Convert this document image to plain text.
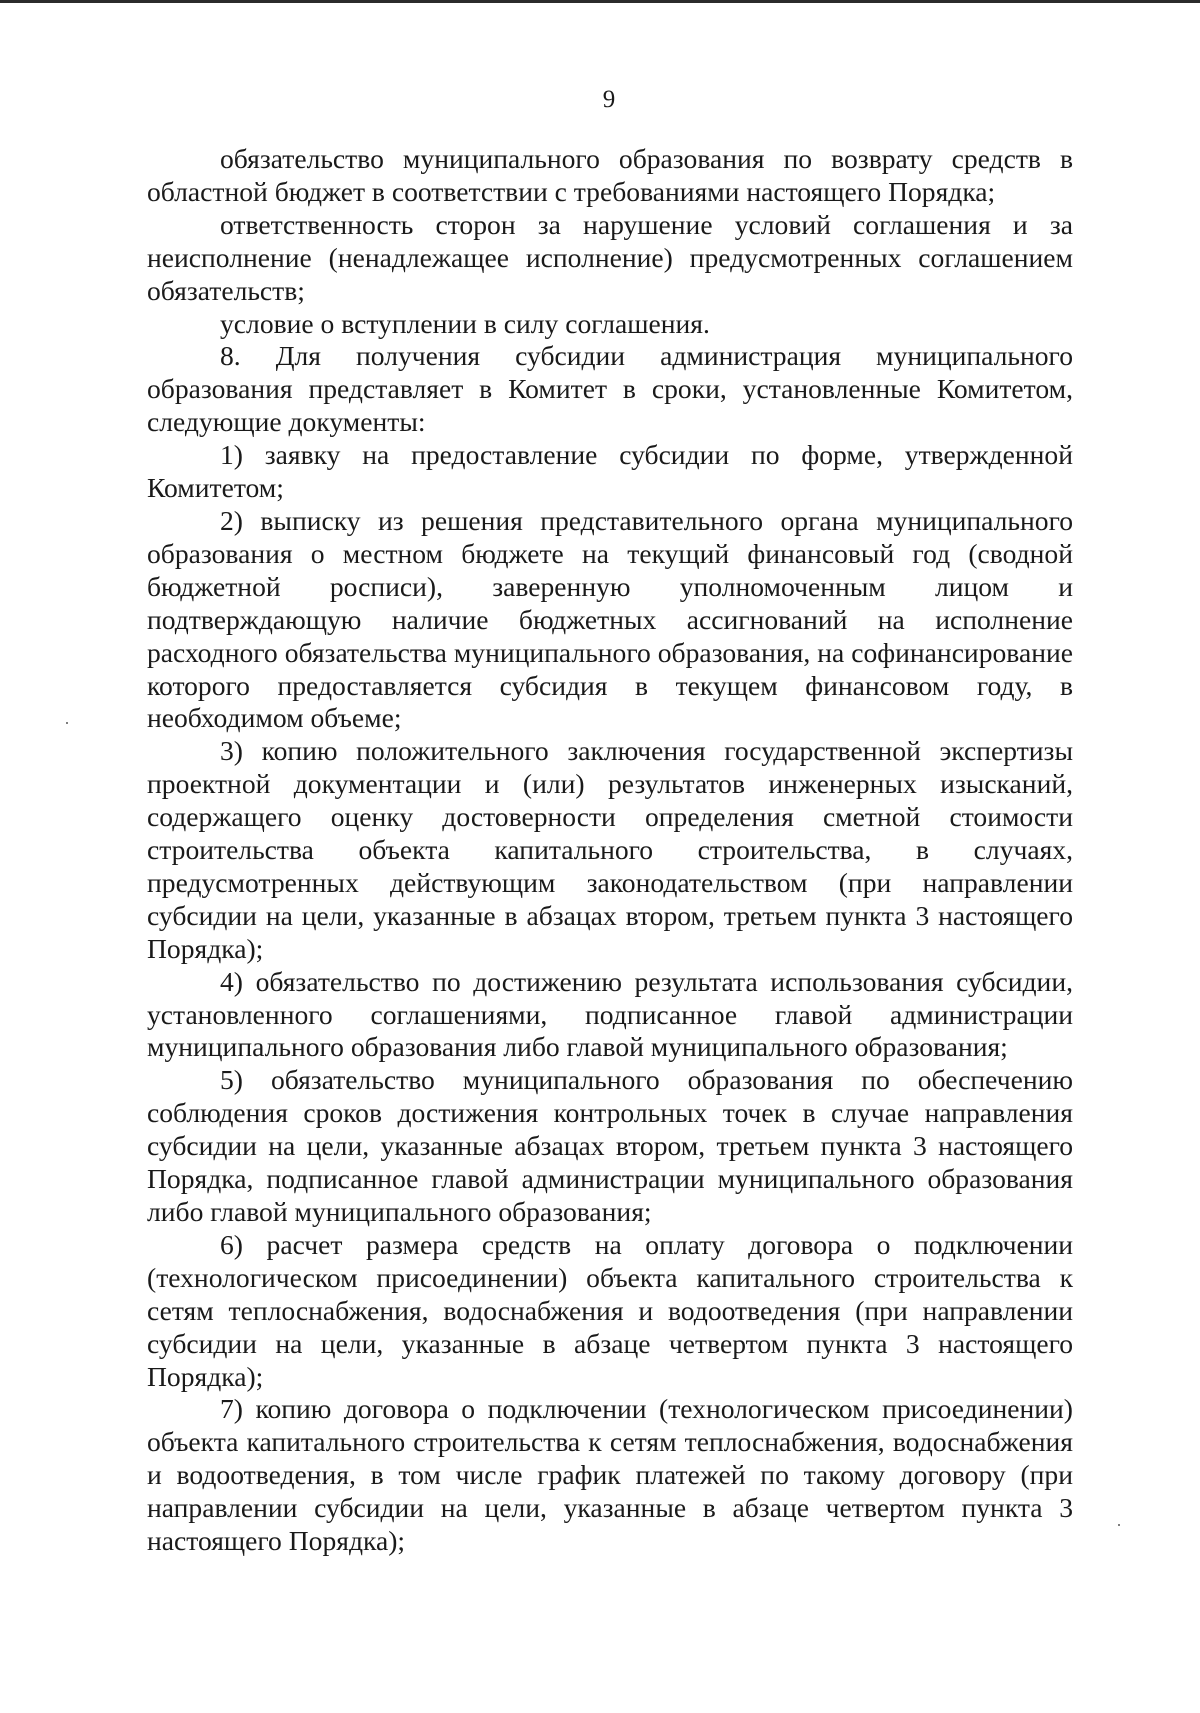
9

обязательство муниципального образования по возврату средств в областной бюджет в соответствии с требованиями настоящего Порядка;

ответственность сторон за нарушение условий соглашения и за неисполнение (ненадлежащее исполнение) предусмотренных соглашением обязательств;

условие о вступлении в силу соглашения.

8. Для получения субсидии администрация муниципального образования представляет в Комитет в сроки, установленные Комитетом, следующие документы:

1) заявку на предоставление субсидии по форме, утвержденной Комитетом;

2) выписку из решения представительного органа муниципального образования о местном бюджете на текущий финансовый год (сводной бюджетной росписи), заверенную уполномоченным лицом и подтверждающую наличие бюджетных ассигнований на исполнение расходного обязательства муниципального образования, на софинансирование которого предоставляется субсидия в текущем финансовом году, в необходимом объеме;

3) копию положительного заключения государственной экспертизы проектной документации и (или) результатов инженерных изысканий, содержащего оценку достоверности определения сметной стоимости строительства объекта капитального строительства, в случаях, предусмотренных действующим законодательством (при направлении субсидии на цели, указанные в абзацах втором, третьем пункта 3 настоящего Порядка);

4) обязательство по достижению результата использования субсидии, установленного соглашениями, подписанное главой администрации муниципального образования либо главой муниципального образования;

5) обязательство муниципального образования по обеспечению соблюдения сроков достижения контрольных точек в случае направления субсидии на цели, указанные абзацах втором, третьем пункта 3 настоящего Порядка, подписанное главой администрации муниципального образования либо главой муниципального образования;

6) расчет размера средств на оплату договора о подключении (технологическом присоединении) объекта капитального строительства к сетям теплоснабжения, водоснабжения и водоотведения (при направлении субсидии на цели, указанные в абзаце четвертом пункта 3 настоящего Порядка);

7) копию договора о подключении (технологическом присоединении) объекта капитального строительства к сетям теплоснабжения, водоснабжения и водоотведения, в том числе график платежей по такому договору (при направлении субсидии на цели, указанные в абзаце четвертом пункта 3 настоящего Порядка);
